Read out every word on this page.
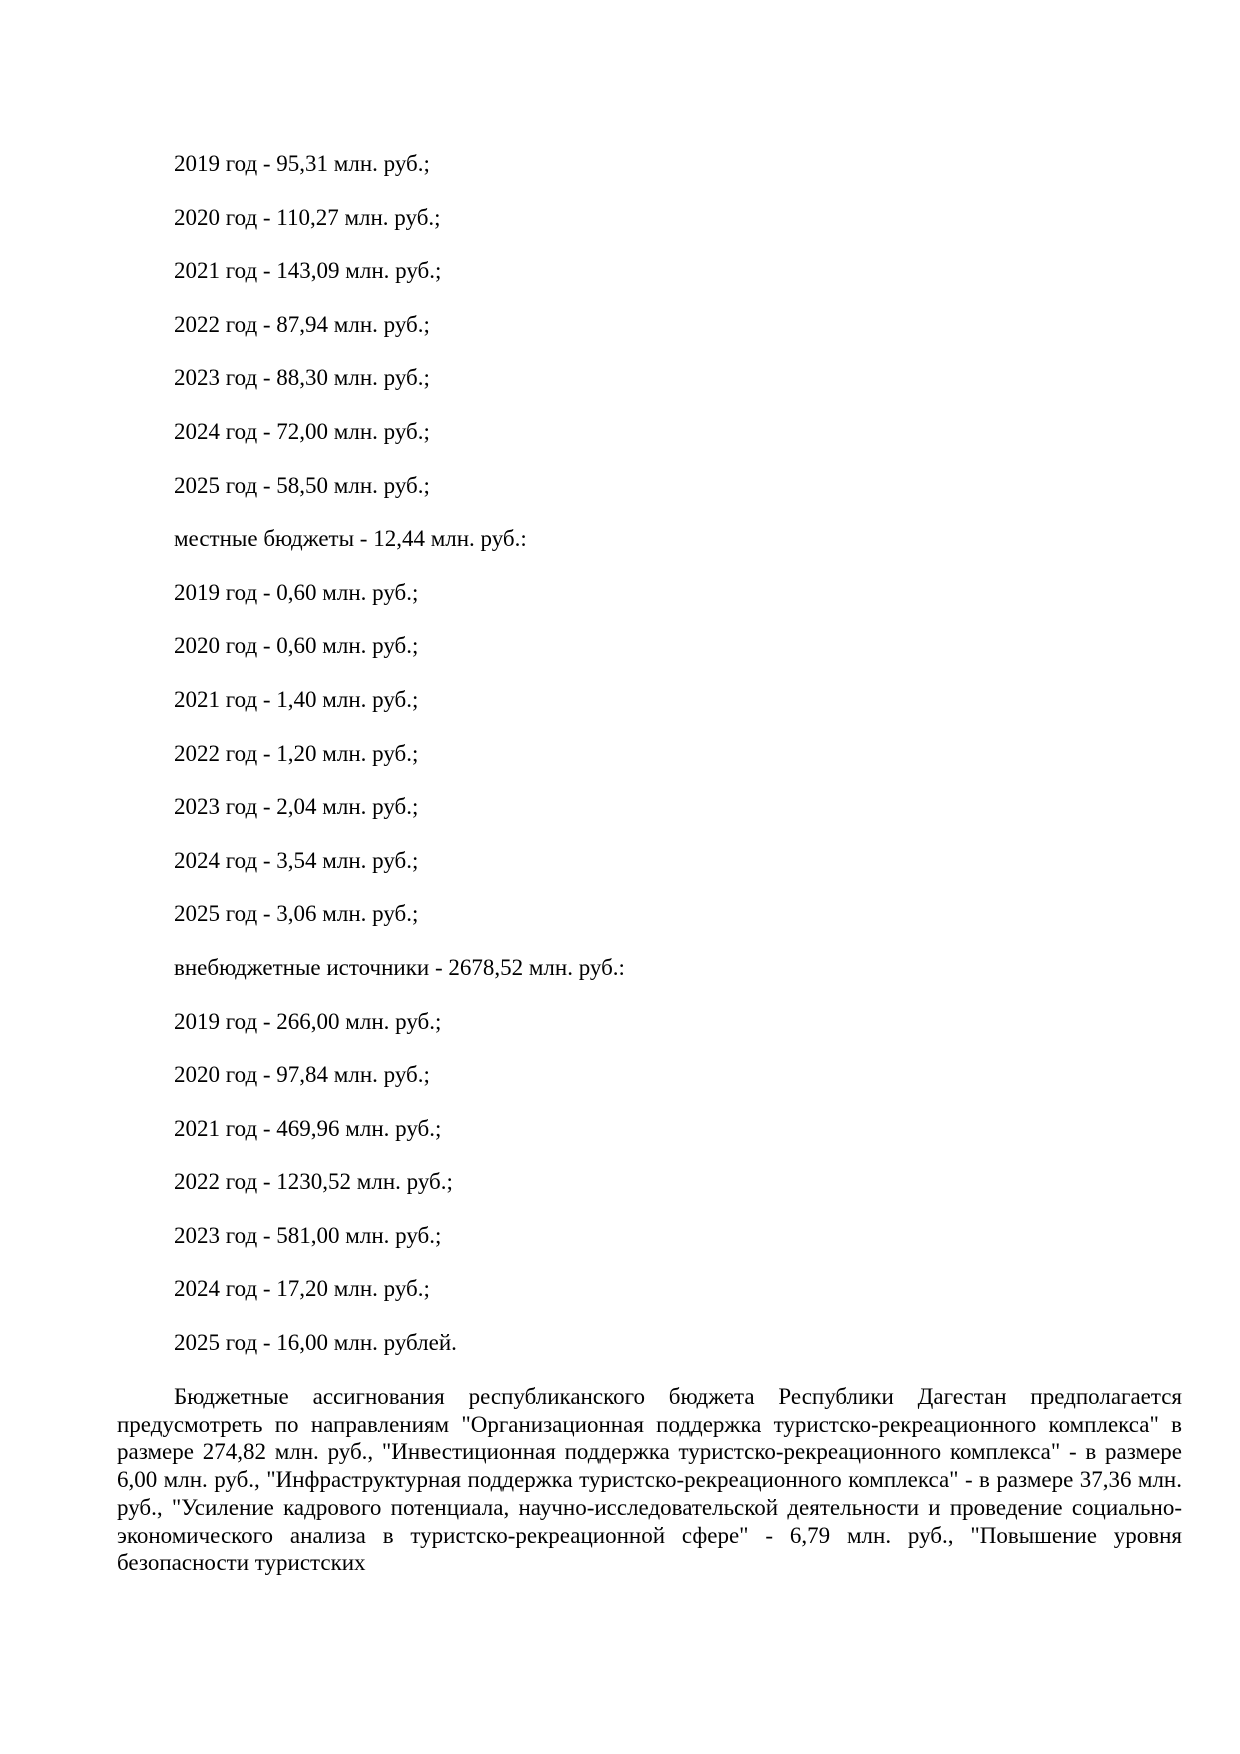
2019 год - 95,31 млн. руб.;
2020 год - 110,27 млн. руб.;
2021 год - 143,09 млн. руб.;
2022 год - 87,94 млн. руб.;
2023 год - 88,30 млн. руб.;
2024 год - 72,00 млн. руб.;
2025 год - 58,50 млн. руб.;
местные бюджеты - 12,44 млн. руб.:
2019 год - 0,60 млн. руб.;
2020 год - 0,60 млн. руб.;
2021 год - 1,40 млн. руб.;
2022 год - 1,20 млн. руб.;
2023 год - 2,04 млн. руб.;
2024 год - 3,54 млн. руб.;
2025 год - 3,06 млн. руб.;
внебюджетные источники - 2678,52 млн. руб.:
2019 год - 266,00 млн. руб.;
2020 год - 97,84 млн. руб.;
2021 год - 469,96 млн. руб.;
2022 год - 1230,52 млн. руб.;
2023 год - 581,00 млн. руб.;
2024 год - 17,20 млн. руб.;
2025 год - 16,00 млн. рублей.

Бюджетные ассигнования республиканского бюджета Республики Дагестан предполагается предусмотреть по направлениям "Организационная поддержка туристско-рекреационного комплекса" в размере 274,82 млн. руб., "Инвестиционная поддержка туристско-рекреационного комплекса" - в размере 6,00 млн. руб., "Инфраструктурная поддержка туристско-рекреационного комплекса" - в размере 37,36 млн. руб., "Усиление кадрового потенциала, научно-исследовательской деятельности и проведение социально-экономического анализа в туристско-рекреационной сфере" - 6,79 млн. руб., "Повышение уровня безопасности туристских
